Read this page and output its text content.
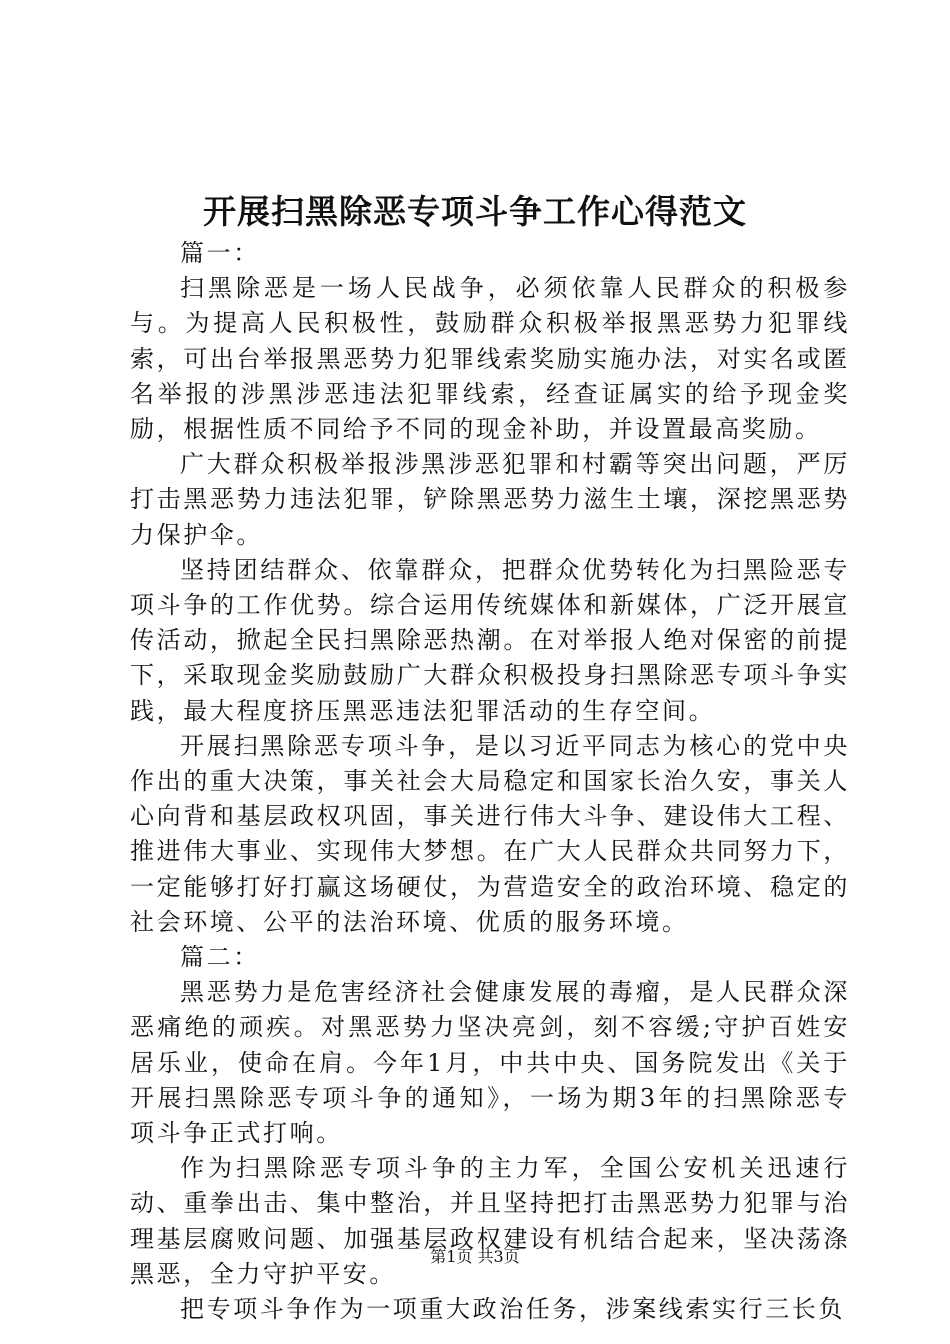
开展扫黑除恶专项斗争工作心得范文

篇一：

扫黑除恶是一场人民战争，必须依靠人民群众的积极参与。为提高人民积极性，鼓励群众积极举报黑恶势力犯罪线索，可出台举报黑恶势力犯罪线索奖励实施办法，对实名或匿名举报的涉黑涉恶违法犯罪线索，经查证属实的给予现金奖励，根据性质不同给予不同的现金补助，并设置最高奖励。

广大群众积极举报涉黑涉恶犯罪和村霸等突出问题，严厉打击黑恶势力违法犯罪，铲除黑恶势力滋生土壤，深挖黑恶势力保护伞。

坚持团结群众、依靠群众，把群众优势转化为扫黑险恶专项斗争的工作优势。综合运用传统媒体和新媒体，广泛开展宣传活动，掀起全民扫黑除恶热潮。在对举报人绝对保密的前提下，采取现金奖励鼓励广大群众积极投身扫黑除恶专项斗争实践，最大程度挤压黑恶违法犯罪活动的生存空间。

开展扫黑除恶专项斗争，是以习近平同志为核心的党中央作出的重大决策，事关社会大局稳定和国家长治久安，事关人心向背和基层政权巩固，事关进行伟大斗争、建设伟大工程、推进伟大事业、实现伟大梦想。在广大人民群众共同努力下，一定能够打好打赢这场硬仗，为营造安全的政治环境、稳定的社会环境、公平的法治环境、优质的服务环境。

篇二：

黑恶势力是危害经济社会健康发展的毒瘤，是人民群众深恶痛绝的顽疾。对黑恶势力坚决亮剑，刻不容缓;守护百姓安居乐业，使命在肩。今年1月，中共中央、国务院发出《关于开展扫黑除恶专项斗争的通知》，一场为期3年的扫黑除恶专项斗争正式打响。

作为扫黑除恶专项斗争的主力军，全国公安机关迅速行动、重拳出击、集中整治，并且坚持把打击黑恶势力犯罪与治理基层腐败问题、加强基层政权建设有机结合起来，坚决荡涤黑恶，全力守护平安。

把专项斗争作为一项重大政治任务，涉案线索实行三长负

第1页 共3页
